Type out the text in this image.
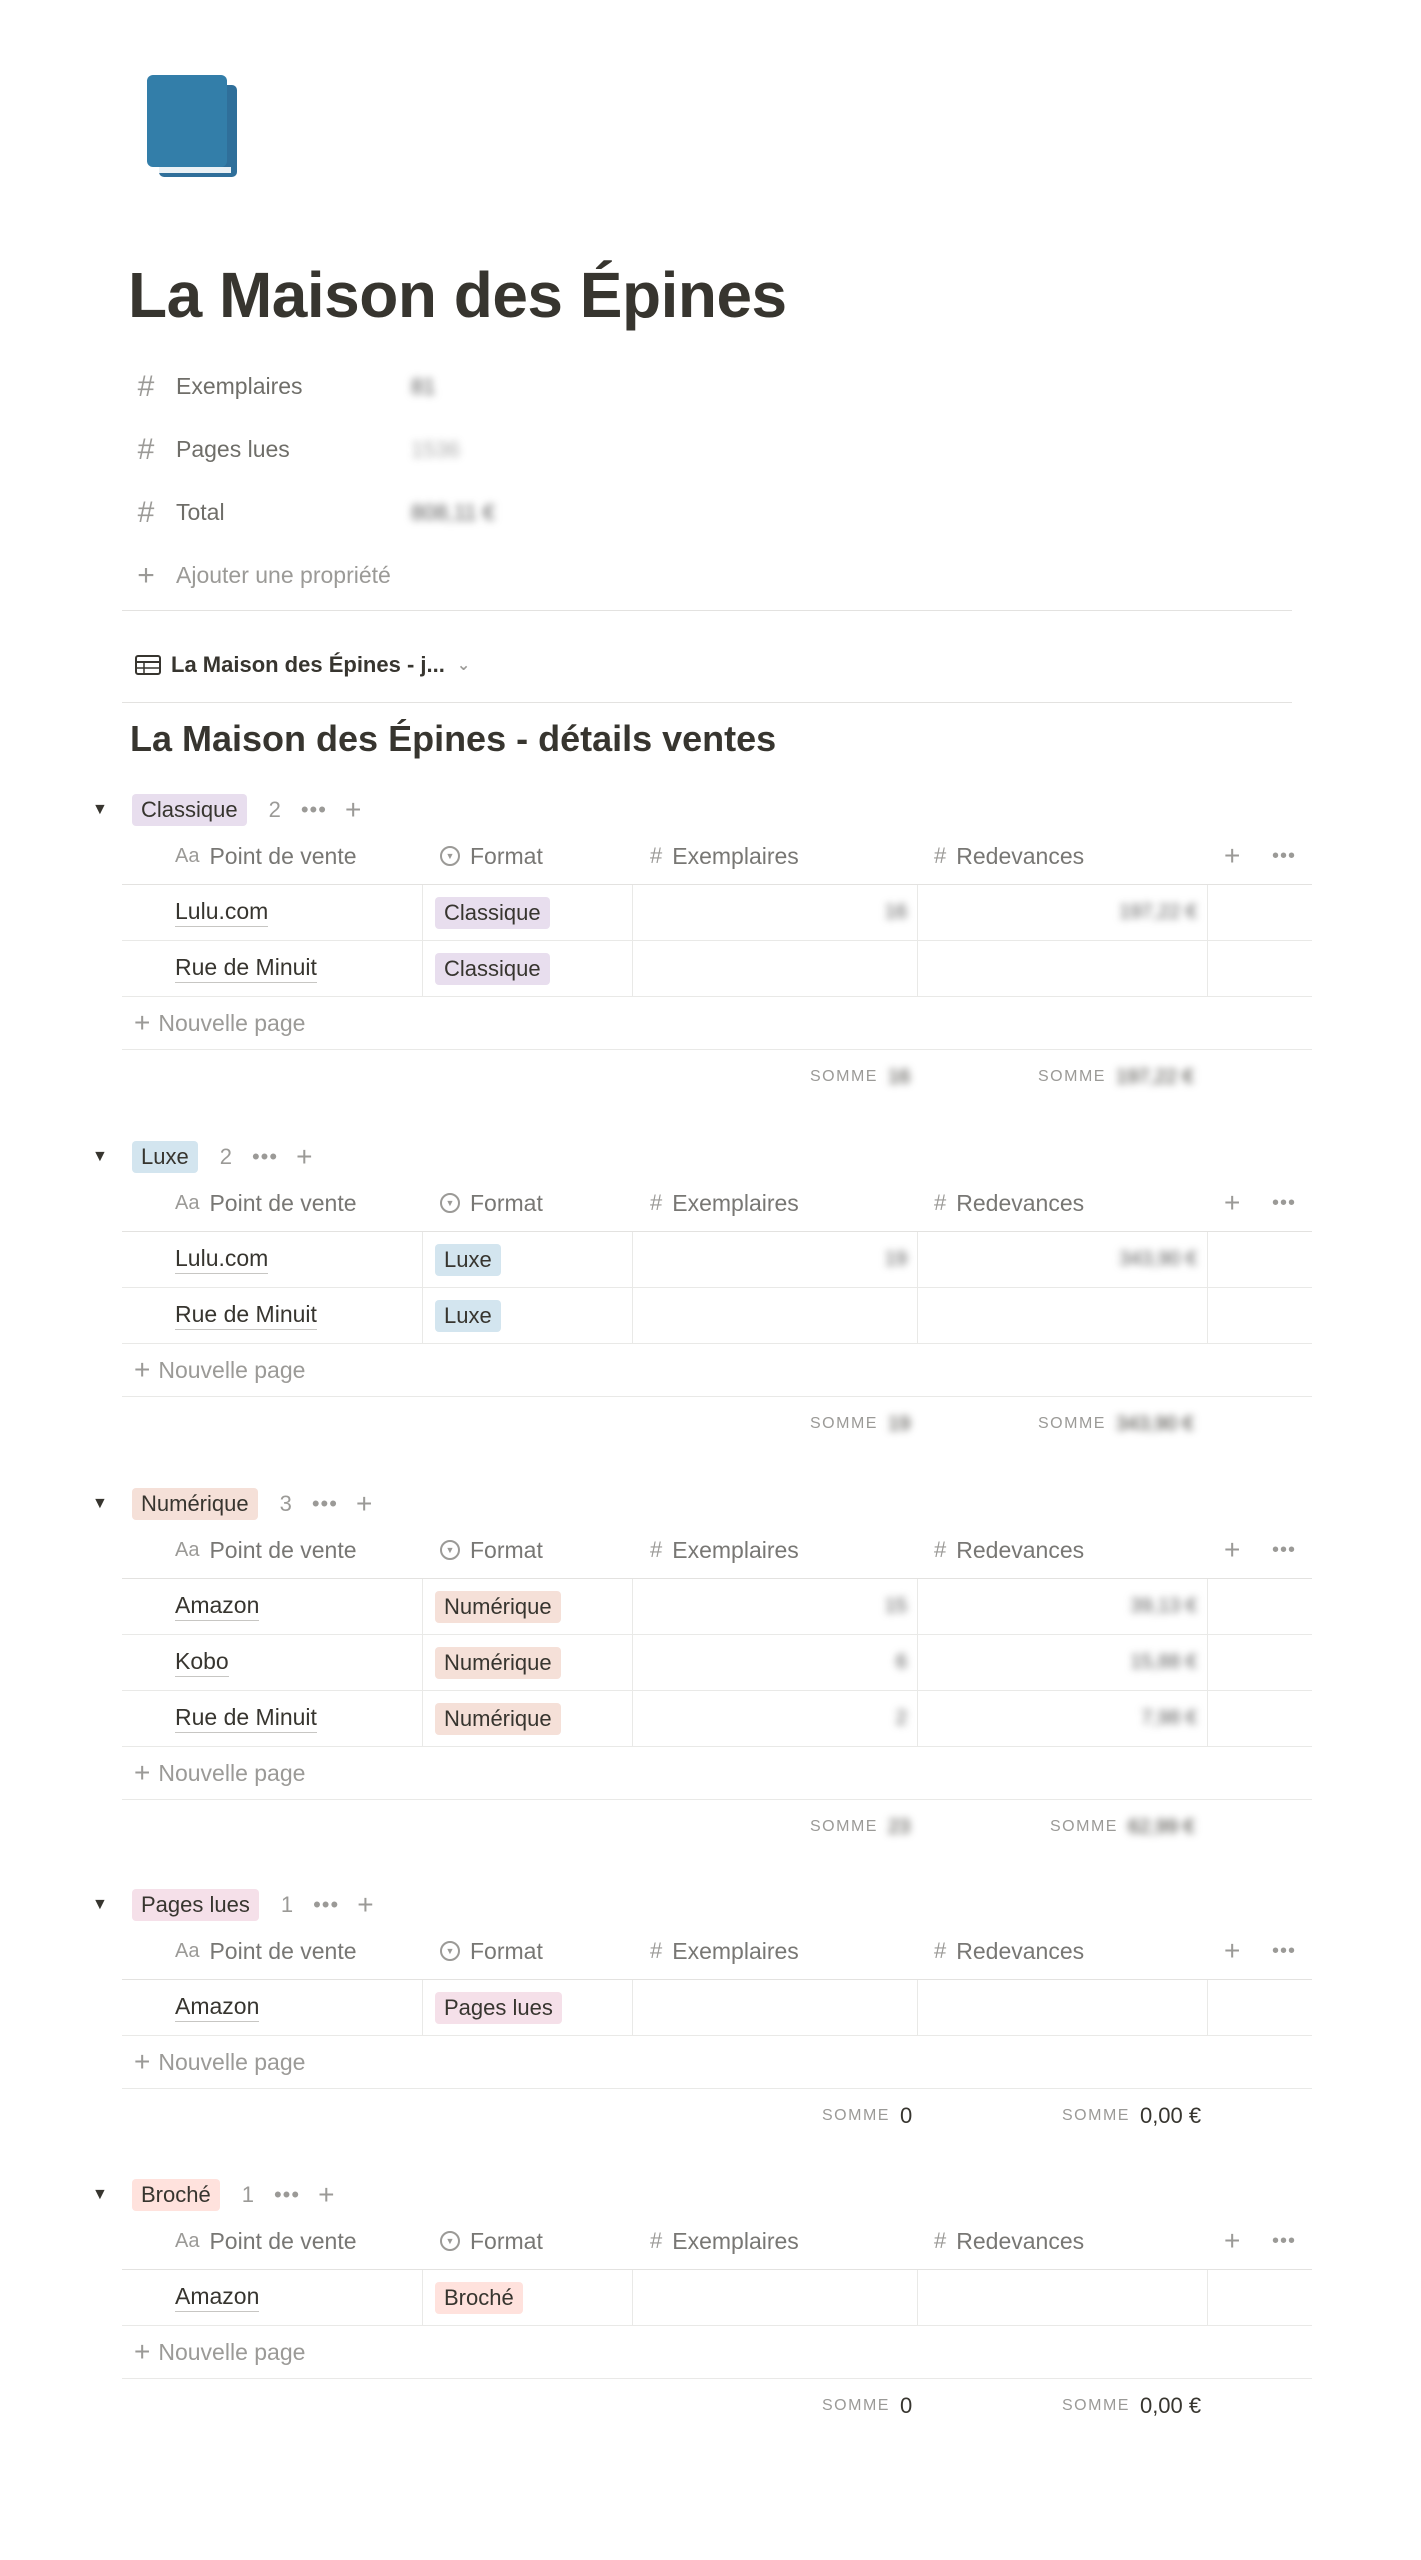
La Maison des Épines
# Exemplaires	81
# Pages lues	1536
# Total	808,11 €
+ Ajouter une propriété
La Maison des Épines - j... ⌄
La Maison des Épines - détails ventes
▼	Classique	2 ••• +
Aa Point de vente	▼ Format	# Exemplaires	# Redevances	+ •••
Lulu.com	Classique	16	197,22 €
Rue de Minuit	Classique
+ Nouvelle page
SOMME 16	SOMME 197,22 €
▼	Luxe	2 ••• +
Aa Point de vente	▼ Format	# Exemplaires	# Redevances	+ •••
Lulu.com	Luxe	19	343,90 €
Rue de Minuit	Luxe
+ Nouvelle page
SOMME 19	SOMME 343,90 €
▼	Numérique	3 ••• +
Aa Point de vente	▼ Format	# Exemplaires	# Redevances	+ •••
Amazon	Numérique	15	39,13 €
Kobo	Numérique	6	15,88 €
Rue de Minuit	Numérique	2	7,98 €
+ Nouvelle page
SOMME 23	SOMME 62,99 €
▼	Pages lues	1 ••• +
Aa Point de vente	▼ Format	# Exemplaires	# Redevances	+ •••
Amazon	Pages lues
+ Nouvelle page
SOMME 0	SOMME 0,00 €
▼	Broché	1 ••• +
Aa Point de vente	▼ Format	# Exemplaires	# Redevances	+ •••
Amazon	Broché
+ Nouvelle page
SOMME 0	SOMME 0,00 €
